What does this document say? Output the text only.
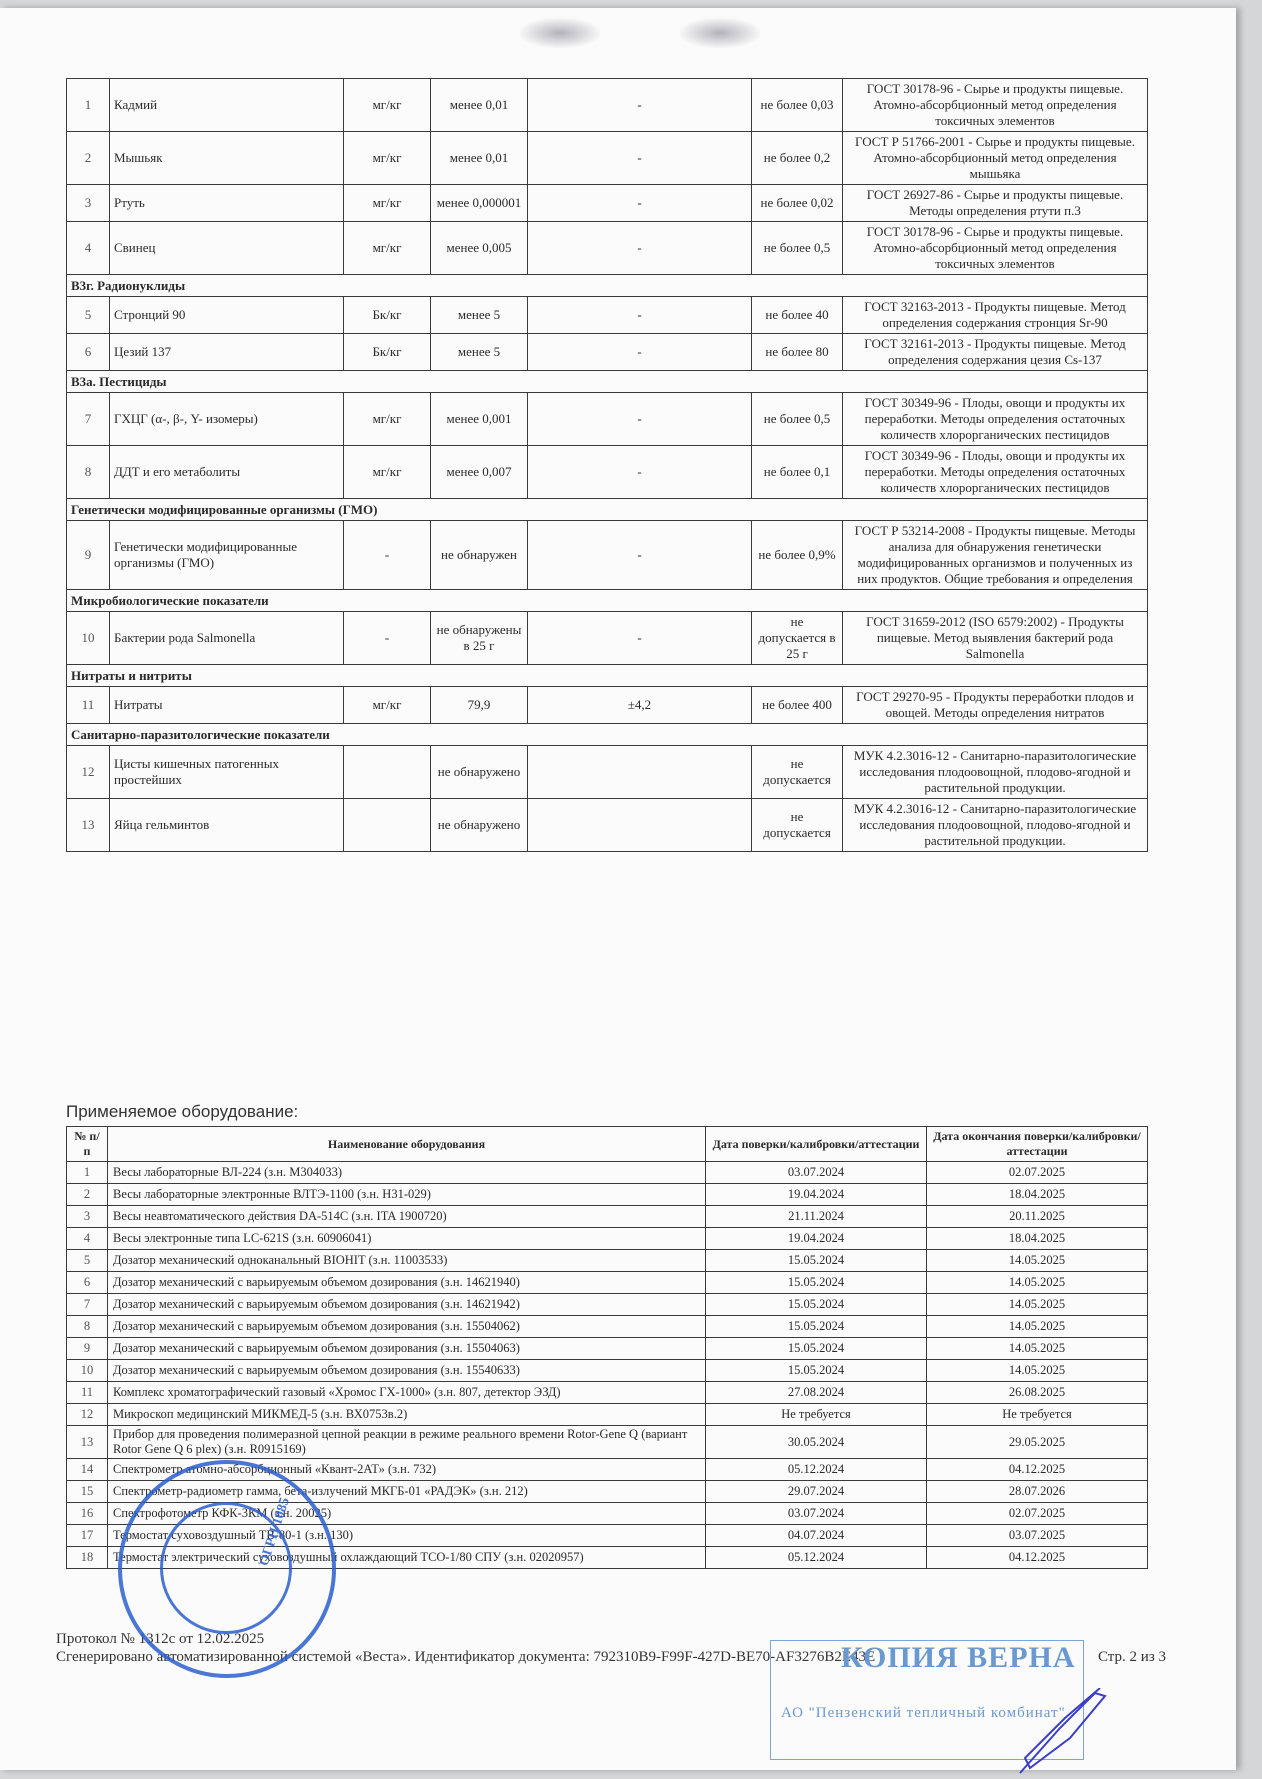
1	Кадмий	мг/кг	менее 0,01	-	не более 0,03	ГОСТ 30178-96 - Сырье и продукты пищевые. Атомно-абсорбционный метод определения токсичных элементов
2	Мышьяк	мг/кг	менее 0,01	-	не более 0,2	ГОСТ Р 51766-2001 - Сырье и продукты пищевые. Атомно-абсорбционный метод определения мышьяка
3	Ртуть	мг/кг	менее 0,000001	-	не более 0,02	ГОСТ 26927-86 - Сырье и продукты пищевые. Методы определения ртути п.3
4	Свинец	мг/кг	менее 0,005	-	не более 0,5	ГОСТ 30178-96 - Сырье и продукты пищевые. Атомно-абсорбционный метод определения токсичных элементов
B3г. Радионуклиды						
5	Стронций 90	Бк/кг	менее 5	-	не более 40	ГОСТ 32163-2013 - Продукты пищевые. Метод определения содержания стронция Sr-90
6	Цезий 137	Бк/кг	менее 5	-	не более 80	ГОСТ 32161-2013 - Продукты пищевые. Метод определения содержания цезия Cs-137
B3а. Пестициды						
7	ГХЦГ (α-, β-, Y- изомеры)	мг/кг	менее 0,001	-	не более 0,5	ГОСТ 30349-96 - Плоды, овощи и продукты их переработки. Методы определения остаточных количеств хлорорганических пестицидов
8	ДДТ и его метаболиты	мг/кг	менее 0,007	-	не более 0,1	ГОСТ 30349-96 - Плоды, овощи и продукты их переработки. Методы определения остаточных количеств хлорорганических пестицидов
Генетически модифицированные организмы (ГМО)						
9	Генетически модифицированные организмы (ГМО)	-	не обнаружен	-	не более 0,9%	ГОСТ Р 53214-2008 - Продукты пищевые. Методы анализа для обнаружения генетически модифицированных организмов и полученных из них продуктов. Общие требования и определения
Микробиологические показатели						
10	Бактерии рода Salmonella	-	не обнаружены в 25 г	-	не допускается в 25 г	ГОСТ 31659-2012 (ISO 6579:2002) - Продукты пищевые. Метод выявления бактерий рода Salmonella
Нитраты и нитриты						
11	Нитраты	мг/кг	79,9	±4,2	не более 400	ГОСТ 29270-95 - Продукты переработки плодов и овощей. Методы определения нитратов
Санитарно-паразитологические показатели						
12	Цисты кишечных патогенных простейших		не обнаружено		не допускается	МУК 4.2.3016-12 - Санитарно-паразитологические исследования плодоовощной, плодово-ягодной и растительной продукции.
13	Яйца гельминтов		не обнаружено		не допускается	МУК 4.2.3016-12 - Санитарно-паразитологические исследования плодоовощной, плодово-ягодной и растительной продукции.
Применяемое оборудование:
№ п/п	Наименование оборудования	Дата поверки/калибровки/аттестации	Дата окончания поверки/калибровки/аттестации
1	Весы лабораторные ВЛ-224 (з.н. М304033)	03.07.2024	02.07.2025
2	Весы лабораторные электронные ВЛТЭ-1100 (з.н. Н31-029)	19.04.2024	18.04.2025
3	Весы неавтоматического действия DA-514C (з.н. ITA 1900720)	21.11.2024	20.11.2025
4	Весы электронные типа LC-621S (з.н. 60906041)	19.04.2024	18.04.2025
5	Дозатор механический одноканальный BIOHIT (з.н. 11003533)	15.05.2024	14.05.2025
6	Дозатор механический с варьируемым объемом дозирования (з.н. 14621940)	15.05.2024	14.05.2025
7	Дозатор механический с варьируемым объемом дозирования (з.н. 14621942)	15.05.2024	14.05.2025
8	Дозатор механический с варьируемым объемом дозирования (з.н. 15504062)	15.05.2024	14.05.2025
9	Дозатор механический с варьируемым объемом дозирования (з.н. 15504063)	15.05.2024	14.05.2025
10	Дозатор механический с варьируемым объемом дозирования (з.н. 15540633)	15.05.2024	14.05.2025
11	Комплекс хроматографический газовый «Хромос ГХ-1000» (з.н. 807, детектор ЭЗД)	27.08.2024	26.08.2025
12	Микроскоп медицинский МИКМЕД-5 (з.н. ВХ0753в.2)	Не требуется	Не требуется
13	Прибор для проведения полимеразной цепной реакции в режиме реального времени Rotor-Gene Q (вариант Rotor Gene Q 6 plex) (з.н. R0915169)	30.05.2024	29.05.2025
14	Спектрометр атомно-абсорбционный «Квант-2АТ» (з.н. 732)	05.12.2024	04.12.2025
15	Спектрометр-радиометр гамма, бета-излучений МКГБ-01 «РАДЭК» (з.н. 212)	29.07.2024	28.07.2026
16	Спектрофотометр КФК-3КМ (з.н. 20025)	03.07.2024	02.07.2025
17	Термостат суховоздушный ТВ-80-1 (з.н. 130)	04.07.2024	03.07.2025
18	Термостат электрический суховоздушный охлаждающий ТСО-1/80 СПУ (з.н. 02020957)	05.12.2024	04.12.2025
Протокол № 1312с от 12.02.2025
Сгенерировано автоматизированной системой «Веста». Идентификатор документа: 792310B9-F99F-427D-BE70-AF3276B2E43E	Стр. 2 из 3
ОГРН 1085
КОПИЯ ВЕРНА
АО "Пензенский тепличный комбинат"
